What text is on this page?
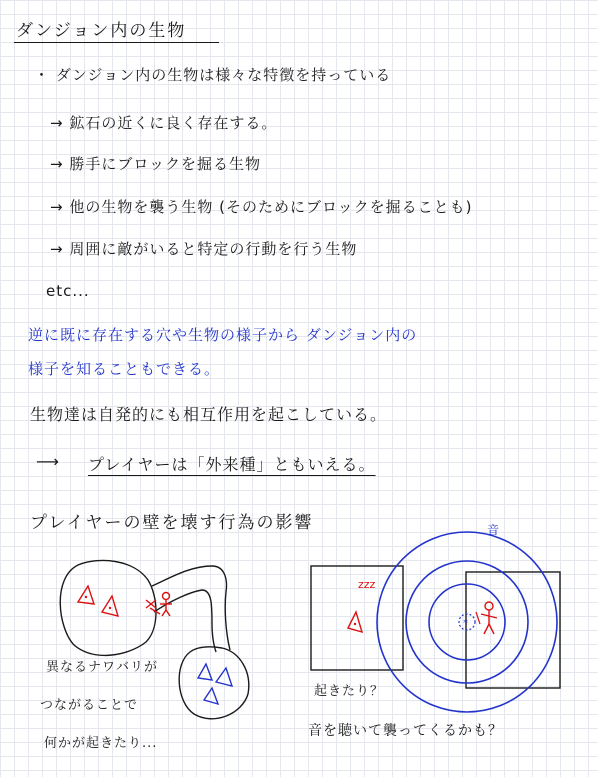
ダンジョン内の生物
・ ダンジョン内の生物は様々な特徴を持っている
→ 鉱石の近くに良く存在する。
→ 勝手にブロックを掘る生物
→ 他の生物を襲う生物 (そのためにブロックを掘ることも)
→ 周囲に敵がいると特定の行動を行う生物
etc...
逆に既に存在する穴や生物の様子から ダンジョン内の
様子を知ることもできる。
生物達は自発的にも相互作用を起こしている。
⟶ プレイヤーは「外来種」ともいえる。
プレイヤーの壁を壊す行為の影響
異なるナワバリが
つながることで
何かが起きたり...
起きたり？
音を聴いて襲ってくるかも？
音
*
zzz
